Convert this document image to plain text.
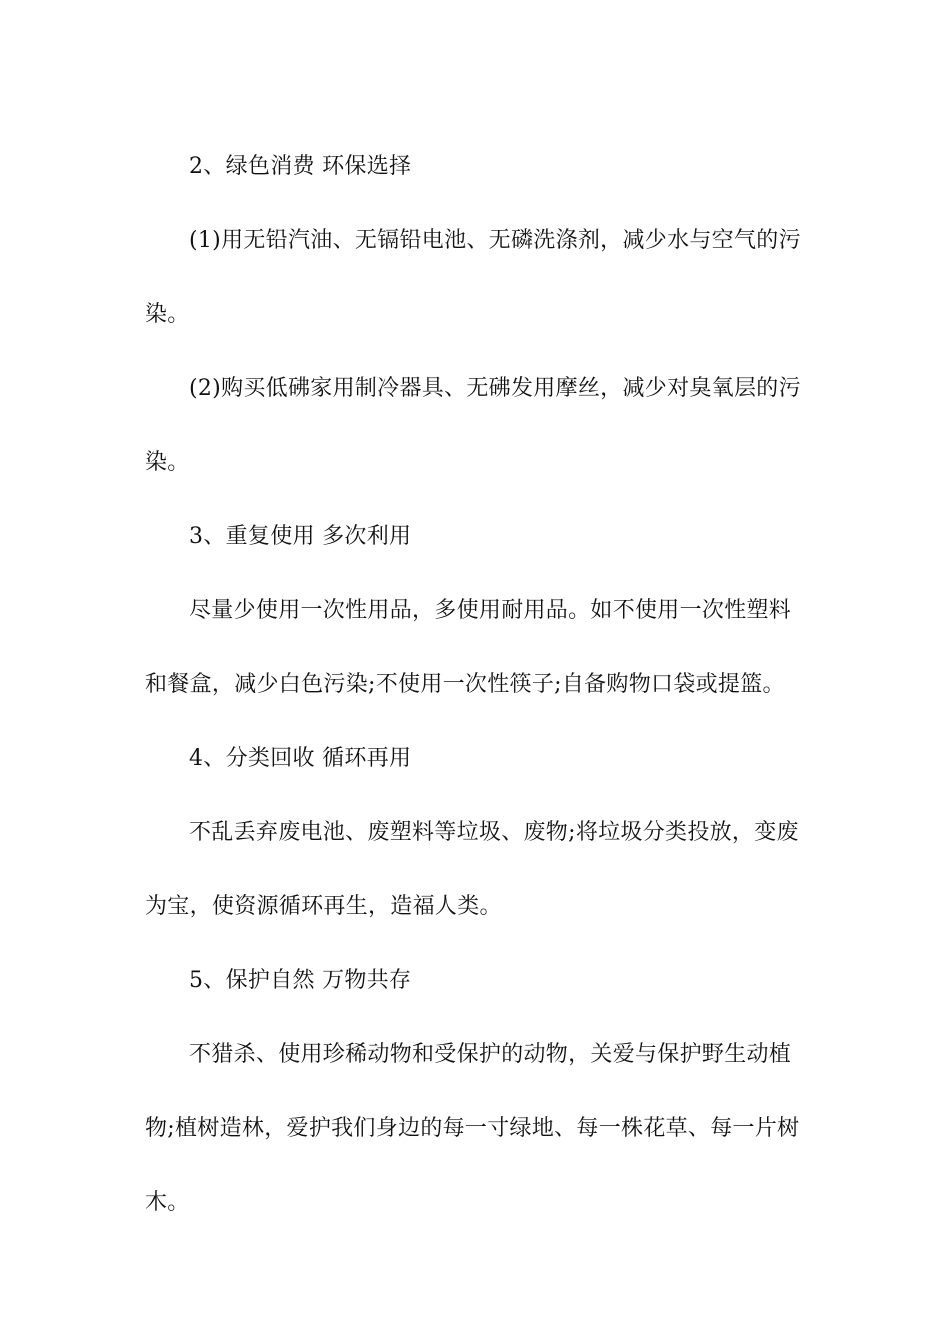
2、绿色消费 环保选择

(1)用无铅汽油、无镉铅电池、无磷洗涤剂，减少水与空气的污染。

(2)购买低砩家用制冷器具、无砩发用摩丝，减少对臭氧层的污染。

3、重复使用 多次利用

尽量少使用一次性用品，多使用耐用品。如不使用一次性塑料和餐盒，减少白色污染;不使用一次性筷子;自备购物口袋或提篮。

4、分类回收 循环再用

不乱丢弃废电池、废塑料等垃圾、废物;将垃圾分类投放，变废为宝，使资源循环再生，造福人类。

5、保护自然 万物共存

不猎杀、使用珍稀动物和受保护的动物，关爱与保护野生动植物;植树造林，爱护我们身边的每一寸绿地、每一株花草、每一片树木。
